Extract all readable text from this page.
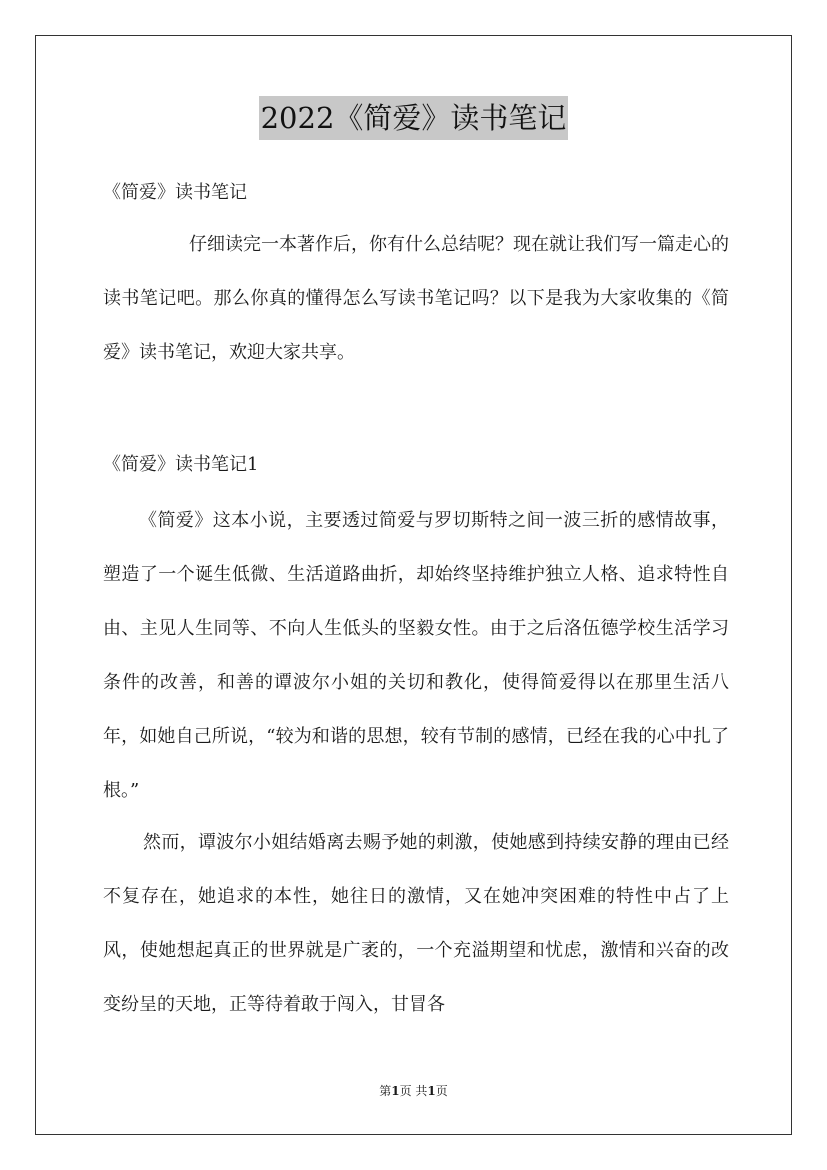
2022《简爱》读书笔记
《简爱》读书笔记

仔细读完一本著作后，你有什么总结呢？现在就让我们写一篇走心的读书笔记吧。那么你真的懂得怎么写读书笔记吗？以下是我为大家收集的《简爱》读书笔记，欢迎大家共享。

《简爱》读书笔记1

《简爱》这本小说，主要透过简爱与罗切斯特之间一波三折的感情故事，塑造了一个诞生低微、生活道路曲折，却始终坚持维护独立人格、追求特性自由、主见人生同等、不向人生低头的坚毅女性。由于之后洛伍德学校生活学习条件的改善，和善的谭波尔小姐的关切和教化，使得简爱得以在那里生活八年，如她自己所说，“较为和谐的思想，较有节制的感情，已经在我的心中扎了根。”

然而，谭波尔小姐结婚离去赐予她的刺激，使她感到持续安静的理由已经不复存在，她追求的本性，她往日的激情，又在她冲突困难的特性中占了上风，使她想起真正的世界就是广袤的，一个充溢期望和忧虑，激情和兴奋的改变纷呈的天地，正等待着敢于闯入，甘冒各

第1页 共1页
